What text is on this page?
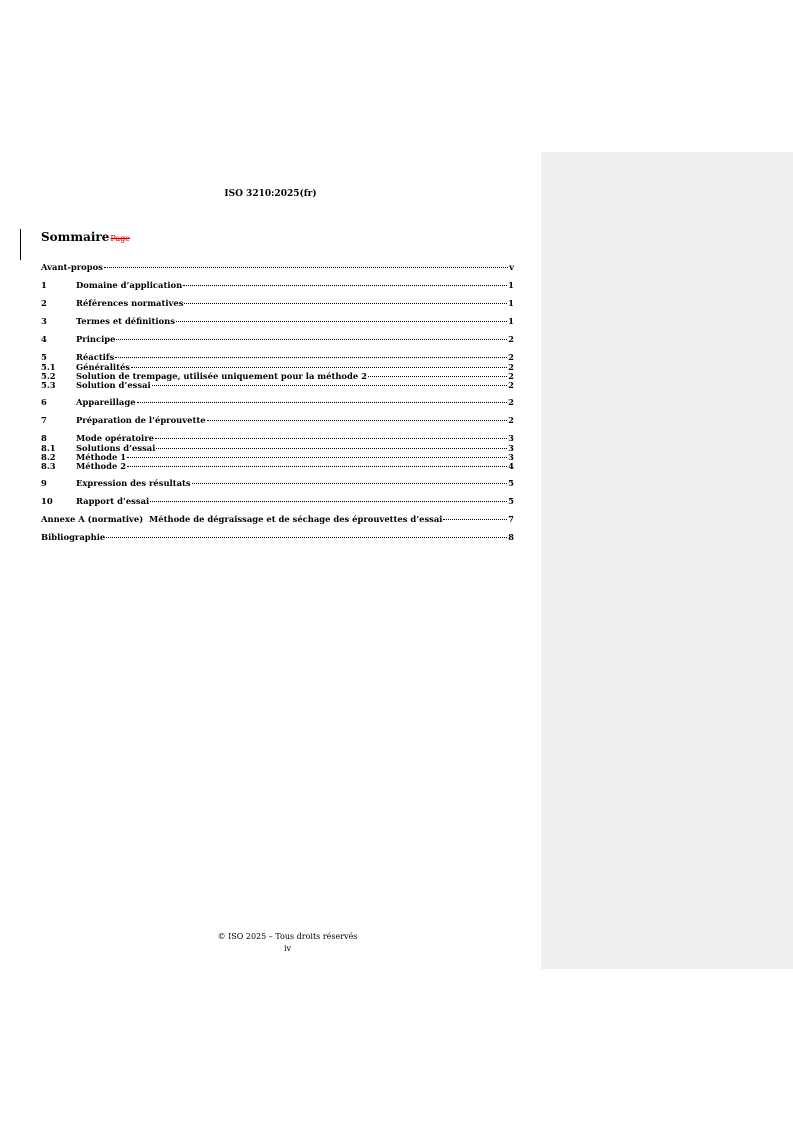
ISO 3210:2025(fr)
SommairePage
Avant-propos	v
1	Domaine d’application	1
2	Références normatives	1
3	Termes et définitions	1
4	Principe	2
5	Réactifs	2
5.1	Généralités	2
5.2	Solution de trempage, utilisée uniquement pour la méthode 2	2
5.3	Solution d’essai	2
6	Appareillage	2
7	Préparation de l’éprouvette	2
8	Mode opératoire	3
8.1	Solutions d’essai	3
8.2	Méthode 1	3
8.3	Méthode 2	4
9	Expression des résultats	5
10	Rapport d’essai	5
Annexe A (normative)  Méthode de dégraissage et de séchage des éprouvettes d’essai	7
Bibliographie	8
© ISO 2025 – Tous droits réservés
iv
